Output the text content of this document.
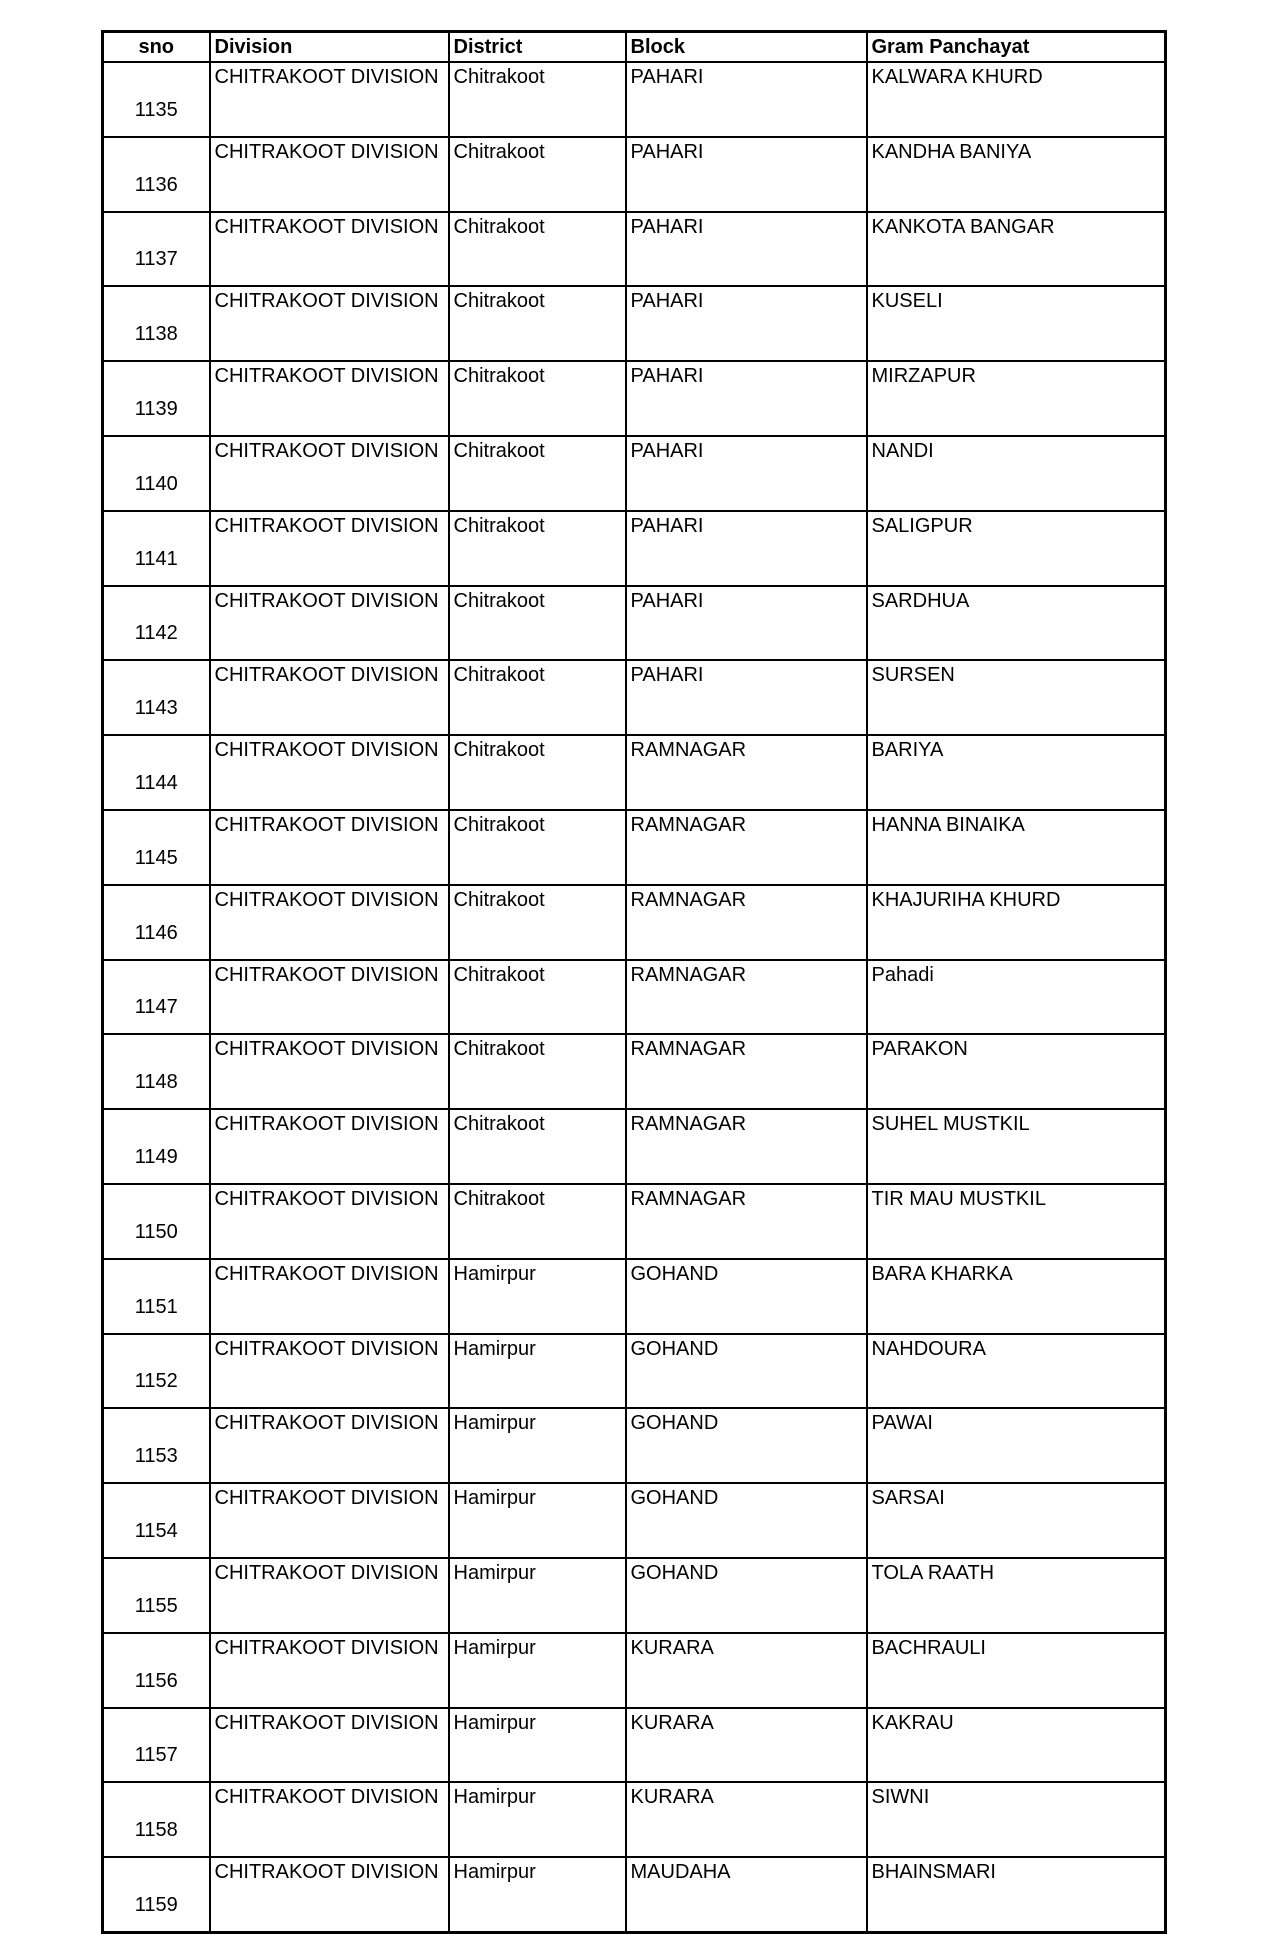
sno	Division	District	Block	Gram Panchayat
1135	CHITRAKOOT DIVISION	Chitrakoot	PAHARI	KALWARA KHURD
1136	CHITRAKOOT DIVISION	Chitrakoot	PAHARI	KANDHA BANIYA
1137	CHITRAKOOT DIVISION	Chitrakoot	PAHARI	KANKOTA BANGAR
1138	CHITRAKOOT DIVISION	Chitrakoot	PAHARI	KUSELI
1139	CHITRAKOOT DIVISION	Chitrakoot	PAHARI	MIRZAPUR
1140	CHITRAKOOT DIVISION	Chitrakoot	PAHARI	NANDI
1141	CHITRAKOOT DIVISION	Chitrakoot	PAHARI	SALIGPUR
1142	CHITRAKOOT DIVISION	Chitrakoot	PAHARI	SARDHUA
1143	CHITRAKOOT DIVISION	Chitrakoot	PAHARI	SURSEN
1144	CHITRAKOOT DIVISION	Chitrakoot	RAMNAGAR	BARIYA
1145	CHITRAKOOT DIVISION	Chitrakoot	RAMNAGAR	HANNA BINAIKA
1146	CHITRAKOOT DIVISION	Chitrakoot	RAMNAGAR	KHAJURIHA KHURD
1147	CHITRAKOOT DIVISION	Chitrakoot	RAMNAGAR	Pahadi
1148	CHITRAKOOT DIVISION	Chitrakoot	RAMNAGAR	PARAKON
1149	CHITRAKOOT DIVISION	Chitrakoot	RAMNAGAR	SUHEL MUSTKIL
1150	CHITRAKOOT DIVISION	Chitrakoot	RAMNAGAR	TIR MAU MUSTKIL
1151	CHITRAKOOT DIVISION	Hamirpur	GOHAND	BARA KHARKA
1152	CHITRAKOOT DIVISION	Hamirpur	GOHAND	NAHDOURA
1153	CHITRAKOOT DIVISION	Hamirpur	GOHAND	PAWAI
1154	CHITRAKOOT DIVISION	Hamirpur	GOHAND	SARSAI
1155	CHITRAKOOT DIVISION	Hamirpur	GOHAND	TOLA RAATH
1156	CHITRAKOOT DIVISION	Hamirpur	KURARA	BACHRAULI
1157	CHITRAKOOT DIVISION	Hamirpur	KURARA	KAKRAU
1158	CHITRAKOOT DIVISION	Hamirpur	KURARA	SIWNI
1159	CHITRAKOOT DIVISION	Hamirpur	MAUDAHA	BHAINSMARI
